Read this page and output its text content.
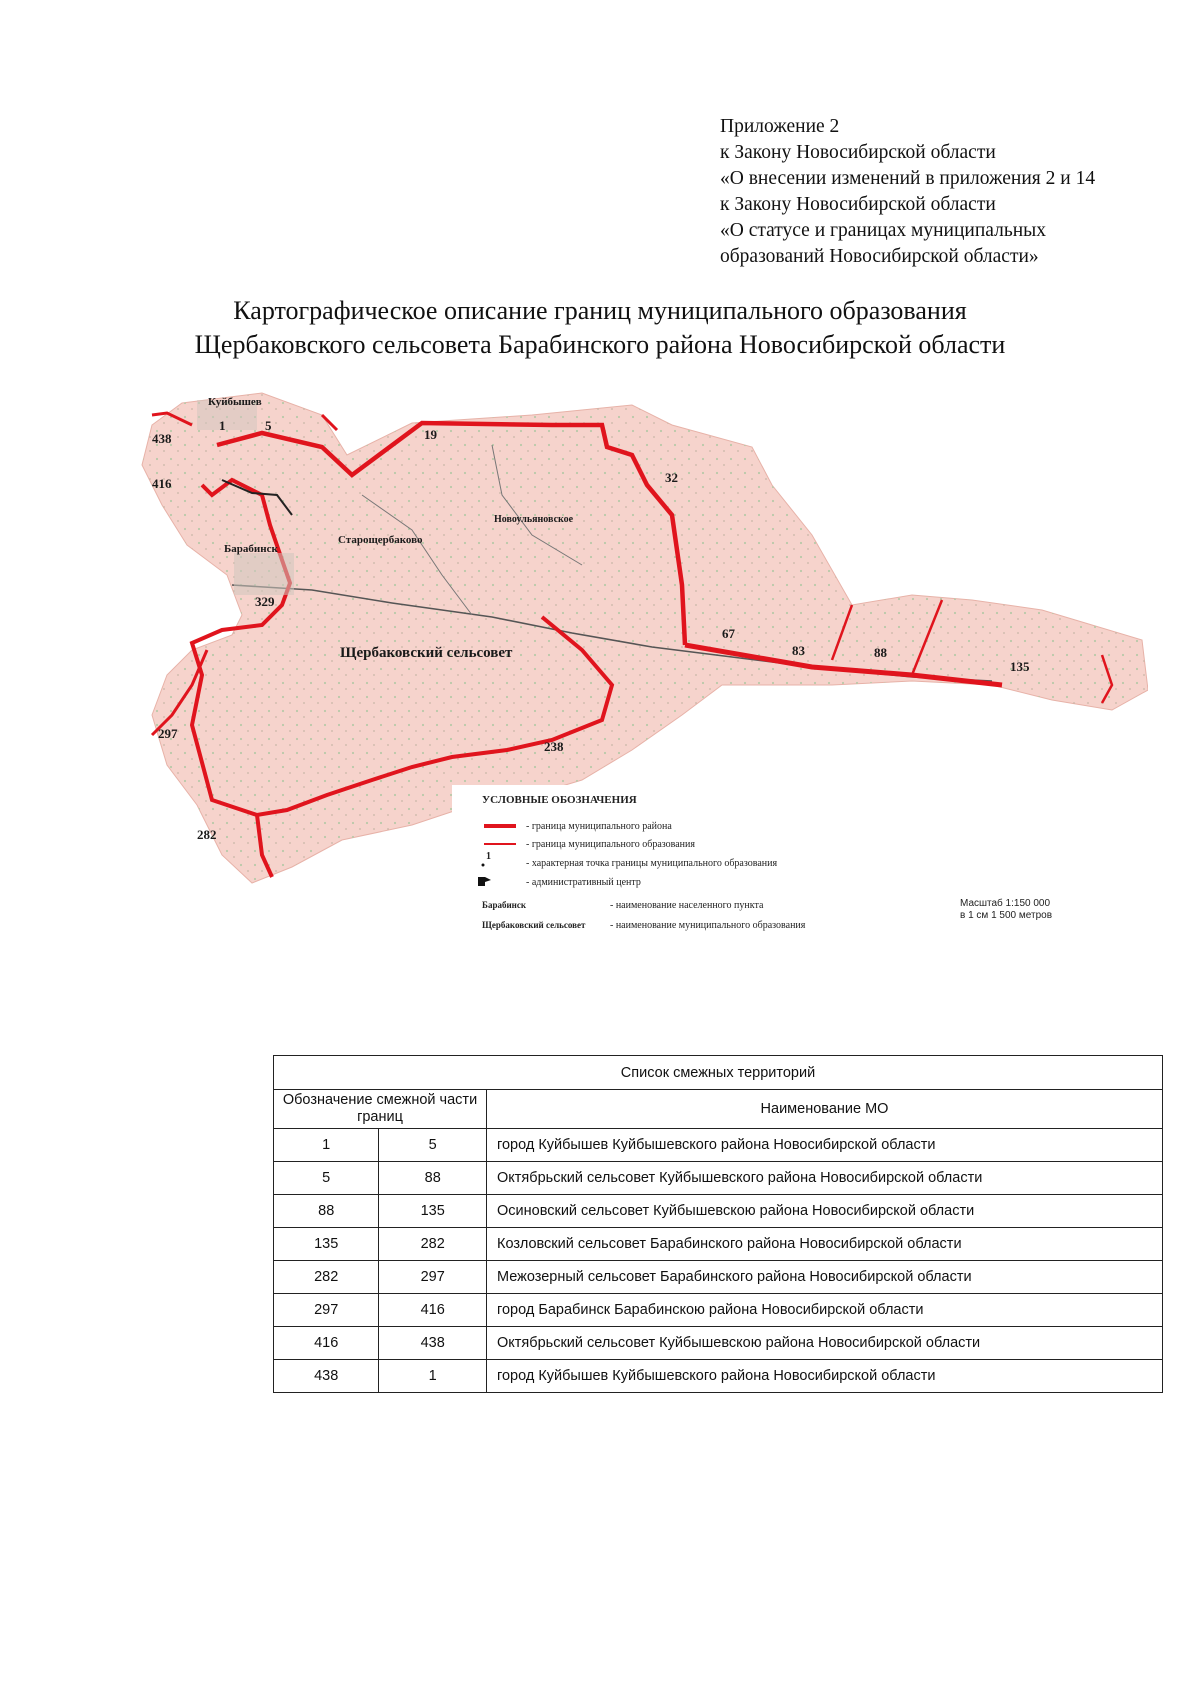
Приложение 2
к Закону Новосибирской области
«О внесении изменений в приложения 2 и 14
к Закону Новосибирской области
«О статусе и границах муниципальных
образований Новосибирской области»
Картографическое описание границ муниципального образования
Щербаковского сельсовета Барабинского района Новосибирской области
Куйбышев
Старощербаково
Новоульяновское
Барабинск
Щербаковский сельсовет
1	5
19
32
67
83	88
135
238
282
297
329
416
438
УСЛОВНЫЕ ОБОЗНАЧЕНИЯ
- граница муниципального района
- граница муниципального образования
1
- характерная точка границы муниципального образования
- административный центр
Барабинск	- наименование населенного пункта
Щербаковский сельсовет - наименование муниципального образования
Масштаб 1:150 000
в 1 см 1 500 метров
Список смежных территорий		
Обозначение смежной части границ		Наименование МО
1	5	город Куйбышев Куйбышевского района Новосибирской области
5	88	Октябрьский сельсовет Куйбышевского района Новосибирской области
88	135	Осиновский сельсовет Куйбышевскою района Новосибирской области
135	282	Козловский сельсовет Барабинского района Новосибирской области
282	297	Межозерный сельсовет Барабинского района Новосибирской области
297	416	город Барабинск Барабинскою района Новосибирской области
416	438	Октябрьский сельсовет Куйбышевскою района Новосибирской области
438	1	город Куйбышев Куйбышевского района Новосибирской области
